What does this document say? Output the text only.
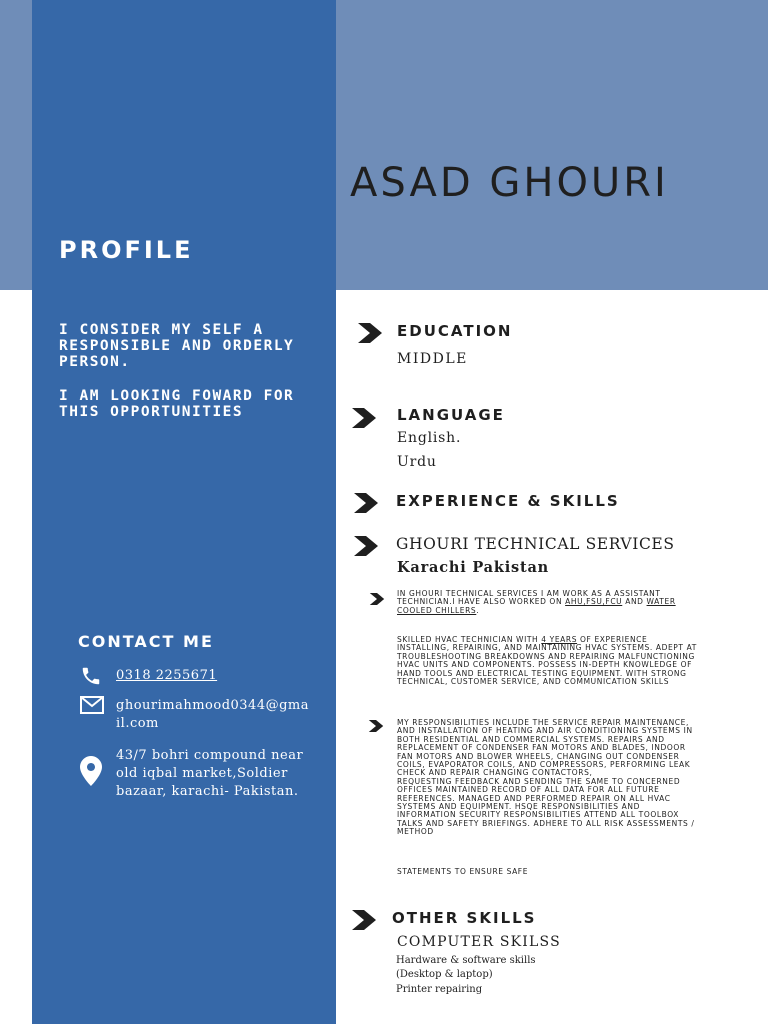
ASAD GHOURI
PROFILE

I CONSIDER MY SELF A RESPONSIBLE AND ORDERLY PERSON.

I AM LOOKING FOWARD FOR THIS OPPORTUNITIES

CONTACT ME
0318 2255671
ghourimahmood0344@gma
il.com

43/7 bohri compound near old iqbal market,Soldier bazaar, karachi- Pakistan.

EDUCATION

MIDDLE

LANGUAGE

English.

Urdu

EXPERIENCE & SKILLS

GHOURI TECHNICAL SERVICES

Karachi Pakistan

IN GHOURI TECHNICAL SERVICES I AM WORK AS A ASSISTANT TECHNICIAN.I HAVE ALSO WORKED ON AHU,FSU,FCU AND WATER COOLED CHILLERS.

SKILLED HVAC TECHNICIAN WITH 4 YEARS OF EXPERIENCE INSTALLING, REPAIRING, AND MAINTAINING HVAC SYSTEMS. ADEPT AT TROUBLESHOOTING BREAKDOWNS AND REPAIRING MALFUNCTIONING HVAC UNITS AND COMPONENTS. POSSESS IN-DEPTH KNOWLEDGE OF HAND TOOLS AND ELECTRICAL TESTING EQUIPMENT. WITH STRONG TECHNICAL, CUSTOMER SERVICE, AND COMMUNICATION SKILLS

MY RESPONSIBILITIES INCLUDE THE SERVICE REPAIR MAINTENANCE, AND INSTALLATION OF HEATING AND AIR CONDITIONING SYSTEMS IN BOTH RESIDENTIAL AND COMMERCIAL SYSTEMS. REPAIRS AND REPLACEMENT OF CONDENSER FAN MOTORS AND BLADES, INDOOR FAN MOTORS AND BLOWER WHEELS, CHANGING OUT CONDENSER COILS, EVAPORATOR COILS, AND COMPRESSORS, PERFORMING LEAK CHECK AND REPAIR CHANGING CONTACTORS,
REQUESTING FEEDBACK AND SENDING THE SAME TO CONCERNED OFFICES MAINTAINED RECORD OF ALL DATA FOR ALL FUTURE REFERENCES. MANAGED AND PERFORMED REPAIR ON ALL HVAC SYSTEMS AND EQUIPMENT. HSQE RESPONSIBILITIES AND INFORMATION SECURITY RESPONSIBILITIES ATTEND ALL TOOLBOX TALKS AND SAFETY BRIEFINGS. ADHERE TO ALL RISK ASSESSMENTS / METHOD

STATEMENTS TO ENSURE SAFE

OTHER SKILLS

COMPUTER SKILSS

Hardware & software skills

(Desktop & laptop)

Printer repairing
